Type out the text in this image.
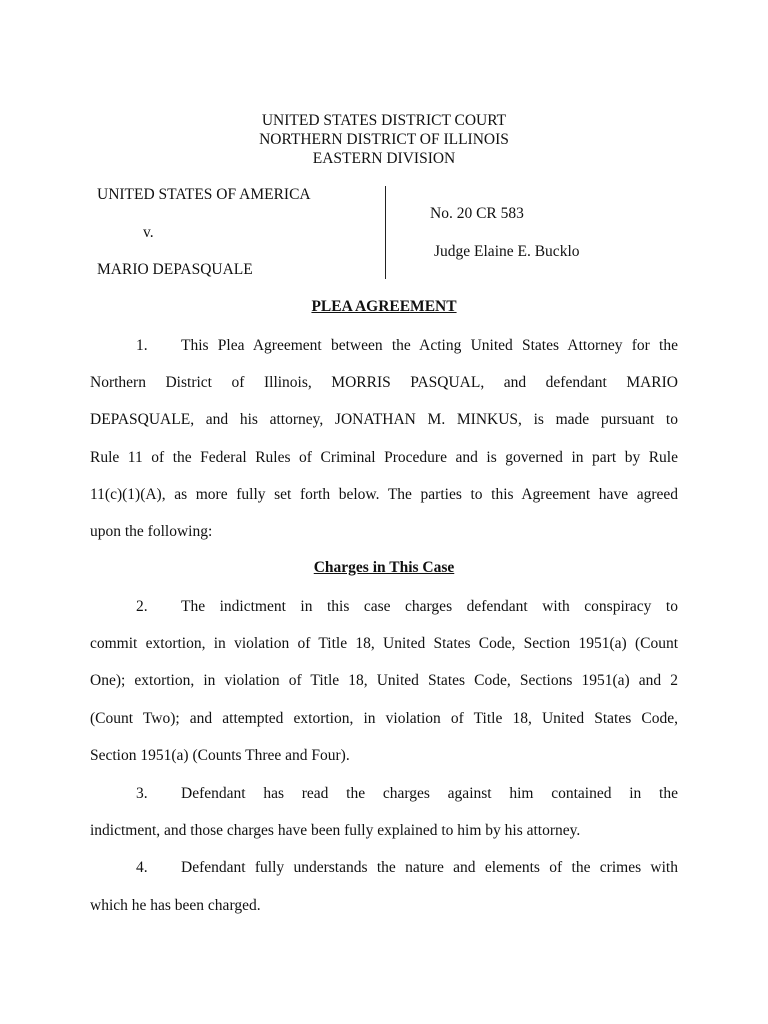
UNITED STATES DISTRICT COURT
NORTHERN DISTRICT OF ILLINOIS
EASTERN DIVISION
UNITED STATES OF AMERICA
v.
MARIO DEPASQUALE
No. 20 CR 583
Judge Elaine E. Bucklo
PLEA AGREEMENT
1. This Plea Agreement between the Acting United States Attorney for the
Northern District of Illinois, MORRIS PASQUAL, and defendant MARIO
DEPASQUALE, and his attorney, JONATHAN M. MINKUS, is made pursuant to
Rule 11 of the Federal Rules of Criminal Procedure and is governed in part by Rule
11(c)(1)(A), as more fully set forth below. The parties to this Agreement have agreed
upon the following:
Charges in This Case
2. The indictment in this case charges defendant with conspiracy to
commit extortion, in violation of Title 18, United States Code, Section 1951(a) (Count
One); extortion, in violation of Title 18, United States Code, Sections 1951(a) and 2
(Count Two); and attempted extortion, in violation of Title 18, United States Code,
Section 1951(a) (Counts Three and Four).
3. Defendant has read the charges against him contained in the
indictment, and those charges have been fully explained to him by his attorney.
4. Defendant fully understands the nature and elements of the crimes with
which he has been charged.
